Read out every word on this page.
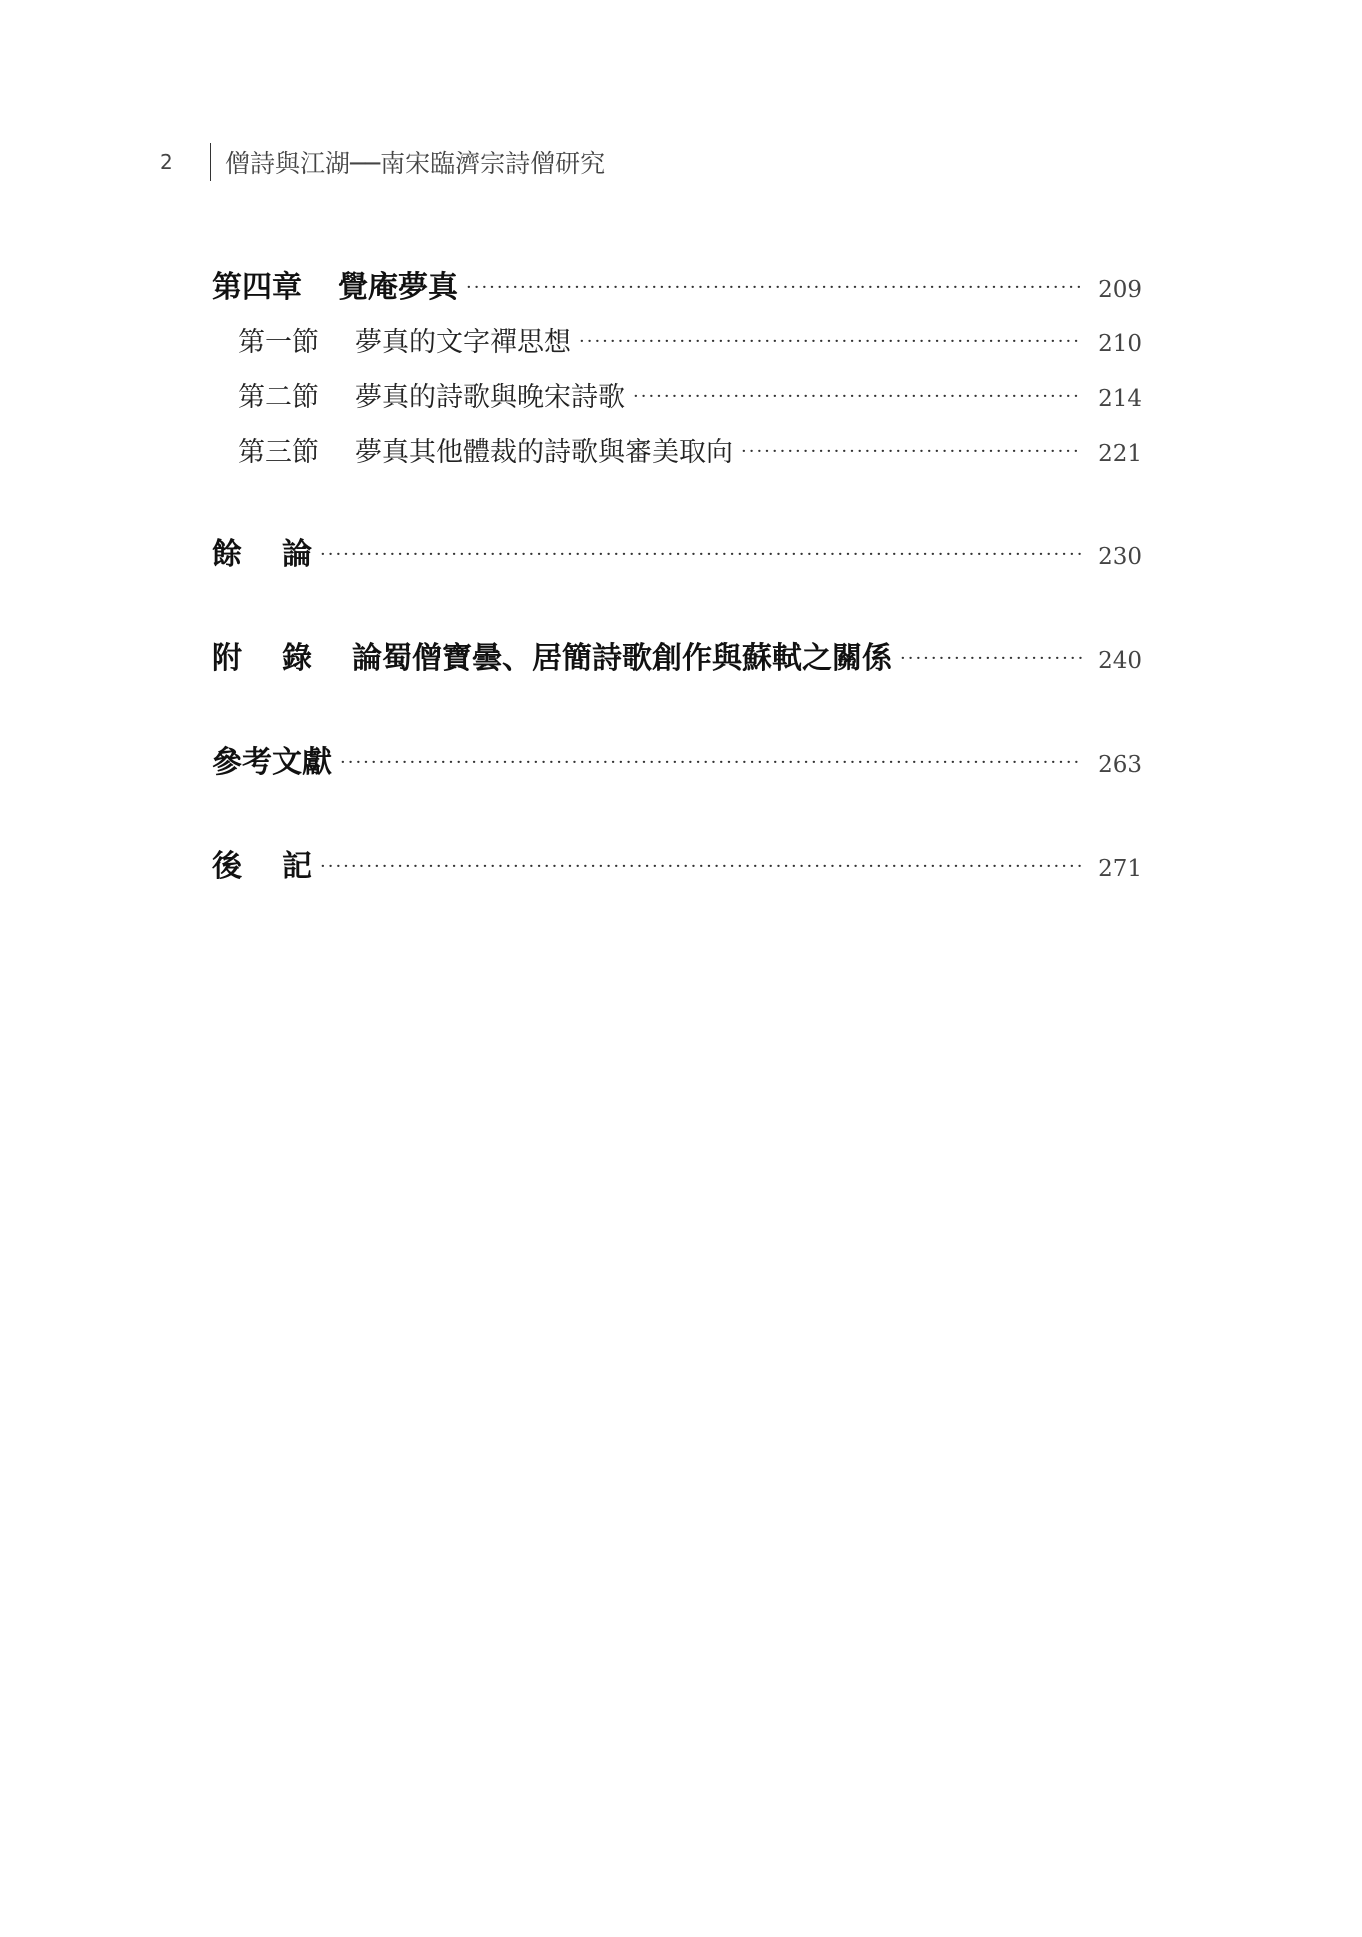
2	僧詩與江湖──南宋臨濟宗詩僧研究
第四章 覺庵夢真 ·····	209
第一節 夢真的文字禪思想 ·····	210
第二節 夢真的詩歌與晚宋詩歌 ·····	214
第三節 夢真其他體裁的詩歌與審美取向 ·····	221
餘 論 ·····	230
附 錄 論蜀僧寶曇、居簡詩歌創作與蘇軾之關係 ·····	240
參考文獻 ·····	263
後 記 ·····	271
